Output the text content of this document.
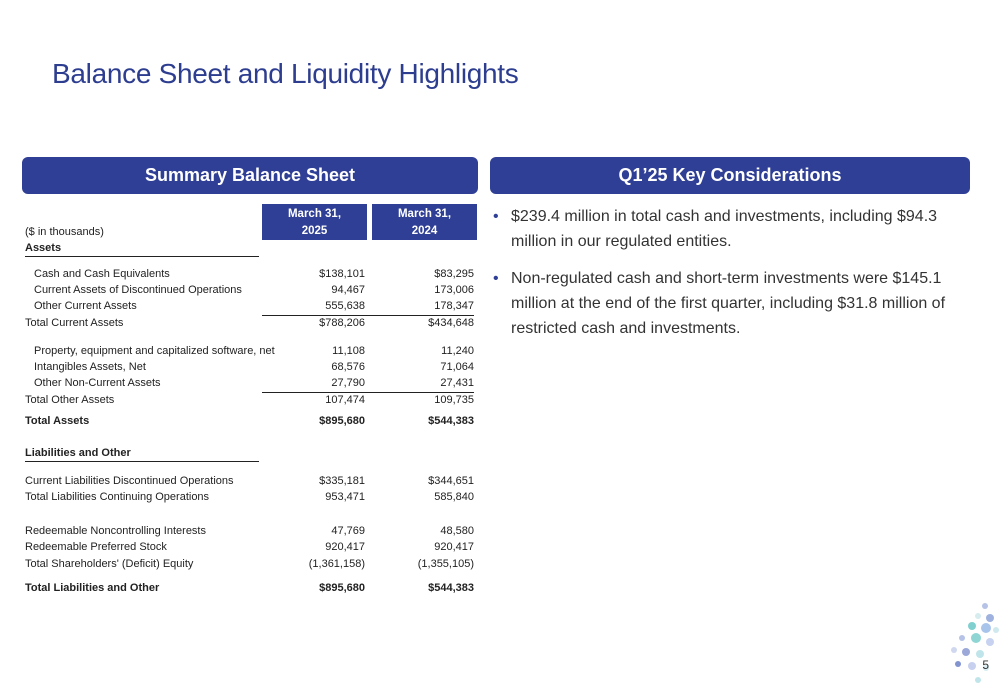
Balance Sheet and Liquidity Highlights
Summary Balance Sheet	Q1’25 Key Considerations
March 31,
2025
March 31,
2024
($ in thousands)
Assets
Cash and Cash Equivalents	$138,101	$83,295
Current Assets of Discontinued Operations	94,467	173,006
Other Current Assets	555,638	178,347
Total Current Assets	$788,206	$434,648
Property, equipment and capitalized software, net	11,108	11,240
Intangibles Assets, Net	68,576	71,064
Other Non-Current Assets	27,790	27,431
Total Other Assets	107,474	109,735
Total Assets	$895,680	$544,383
Liabilities and Other
Current Liabilities Discontinued Operations	$335,181	$344,651
Total Liabilities Continuing Operations	953,471	585,840
Redeemable Noncontrolling Interests	47,769	48,580
Redeemable Preferred Stock	920,417	920,417
Total Shareholders' (Deficit) Equity	(1,361,158)	(1,355,105)
Total Liabilities and Other	$895,680	$544,383
• $239.4 million in total cash and investments, including $94.3 million in our regulated entities.
• Non-regulated cash and short-term investments were $145.1 million at the end of the first quarter, including $31.8 million of restricted cash and investments.
5
